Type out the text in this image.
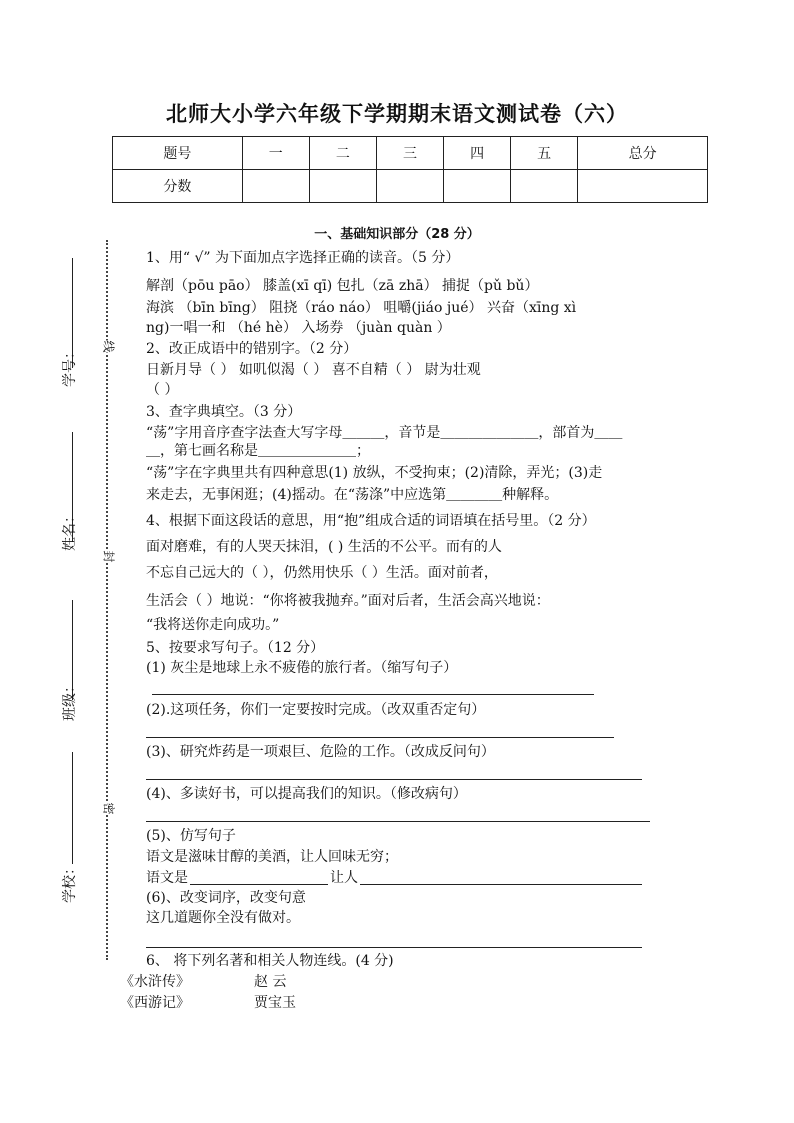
北师大小学六年级下学期期末语文测试卷（六）
题号	一	二	三	四	五	总分
分数						
线
封
密
学号：
姓名：
班级：
学校：
一、基础知识部分（28 分）
1、用“ √” 为下面加点字选择正确的读音。（5 分）
解剖（pōu pāo） 膝盖(xī qī) 包扎（zā zhā） 捕捉（pǔ bǔ）
海滨 （bīn bīng） 阻挠（ráo náo） 咀嚼(jiáo jué） 兴奋（xīng xì
ng)一唱一和 （hé hè） 入场券 （juàn quàn ）
2、改正成语中的错别字。（2 分）
日新月导（ ） 如叽似渴（ ） 喜不自精（ ） 尉为壮观
（ ）
3、查字典填空。（3 分）
“荡”字用音序查字法查大写字母＿＿＿，音节是＿＿＿＿＿＿＿，部首为＿＿
＿，第七画名称是＿＿＿＿＿＿＿；
“荡”字在字典里共有四种意思(1) 放纵，不受拘束；(2)清除，弄光；(3)走
来走去，无事闲逛；(4)摇动。在“荡涤”中应选第＿＿＿＿种解释。
4、根据下面这段话的意思，用“抱”组成合适的词语填在括号里。（2 分）
面对磨难，有的人哭天抹泪，( ) 生活的不公平。而有的人
不忘自己远大的（ ），仍然用快乐（ ）生活。面对前者，
生活会（ ）地说：“你将被我抛弃。”面对后者，生活会高兴地说：
“我将送你走向成功。”
5、按要求写句子。（12 分）
(1) 灰尘是地球上永不疲倦的旅行者。（缩写句子）
(2).这项任务，你们一定要按时完成。（改双重否定句）
(3)、研究炸药是一项艰巨、危险的工作。（改成反问句）
(4)、多读好书，可以提高我们的知识。（修改病句）
(5)、仿写句子
语文是滋味甘醇的美酒，让人回味无穷；
语文是	让人
(6)、改变词序，改变句意
这几道题你全没有做对。
6、 将下列名著和相关人物连线。(4 分)
《水浒传》	赵 云
《西游记》	贾宝玉
